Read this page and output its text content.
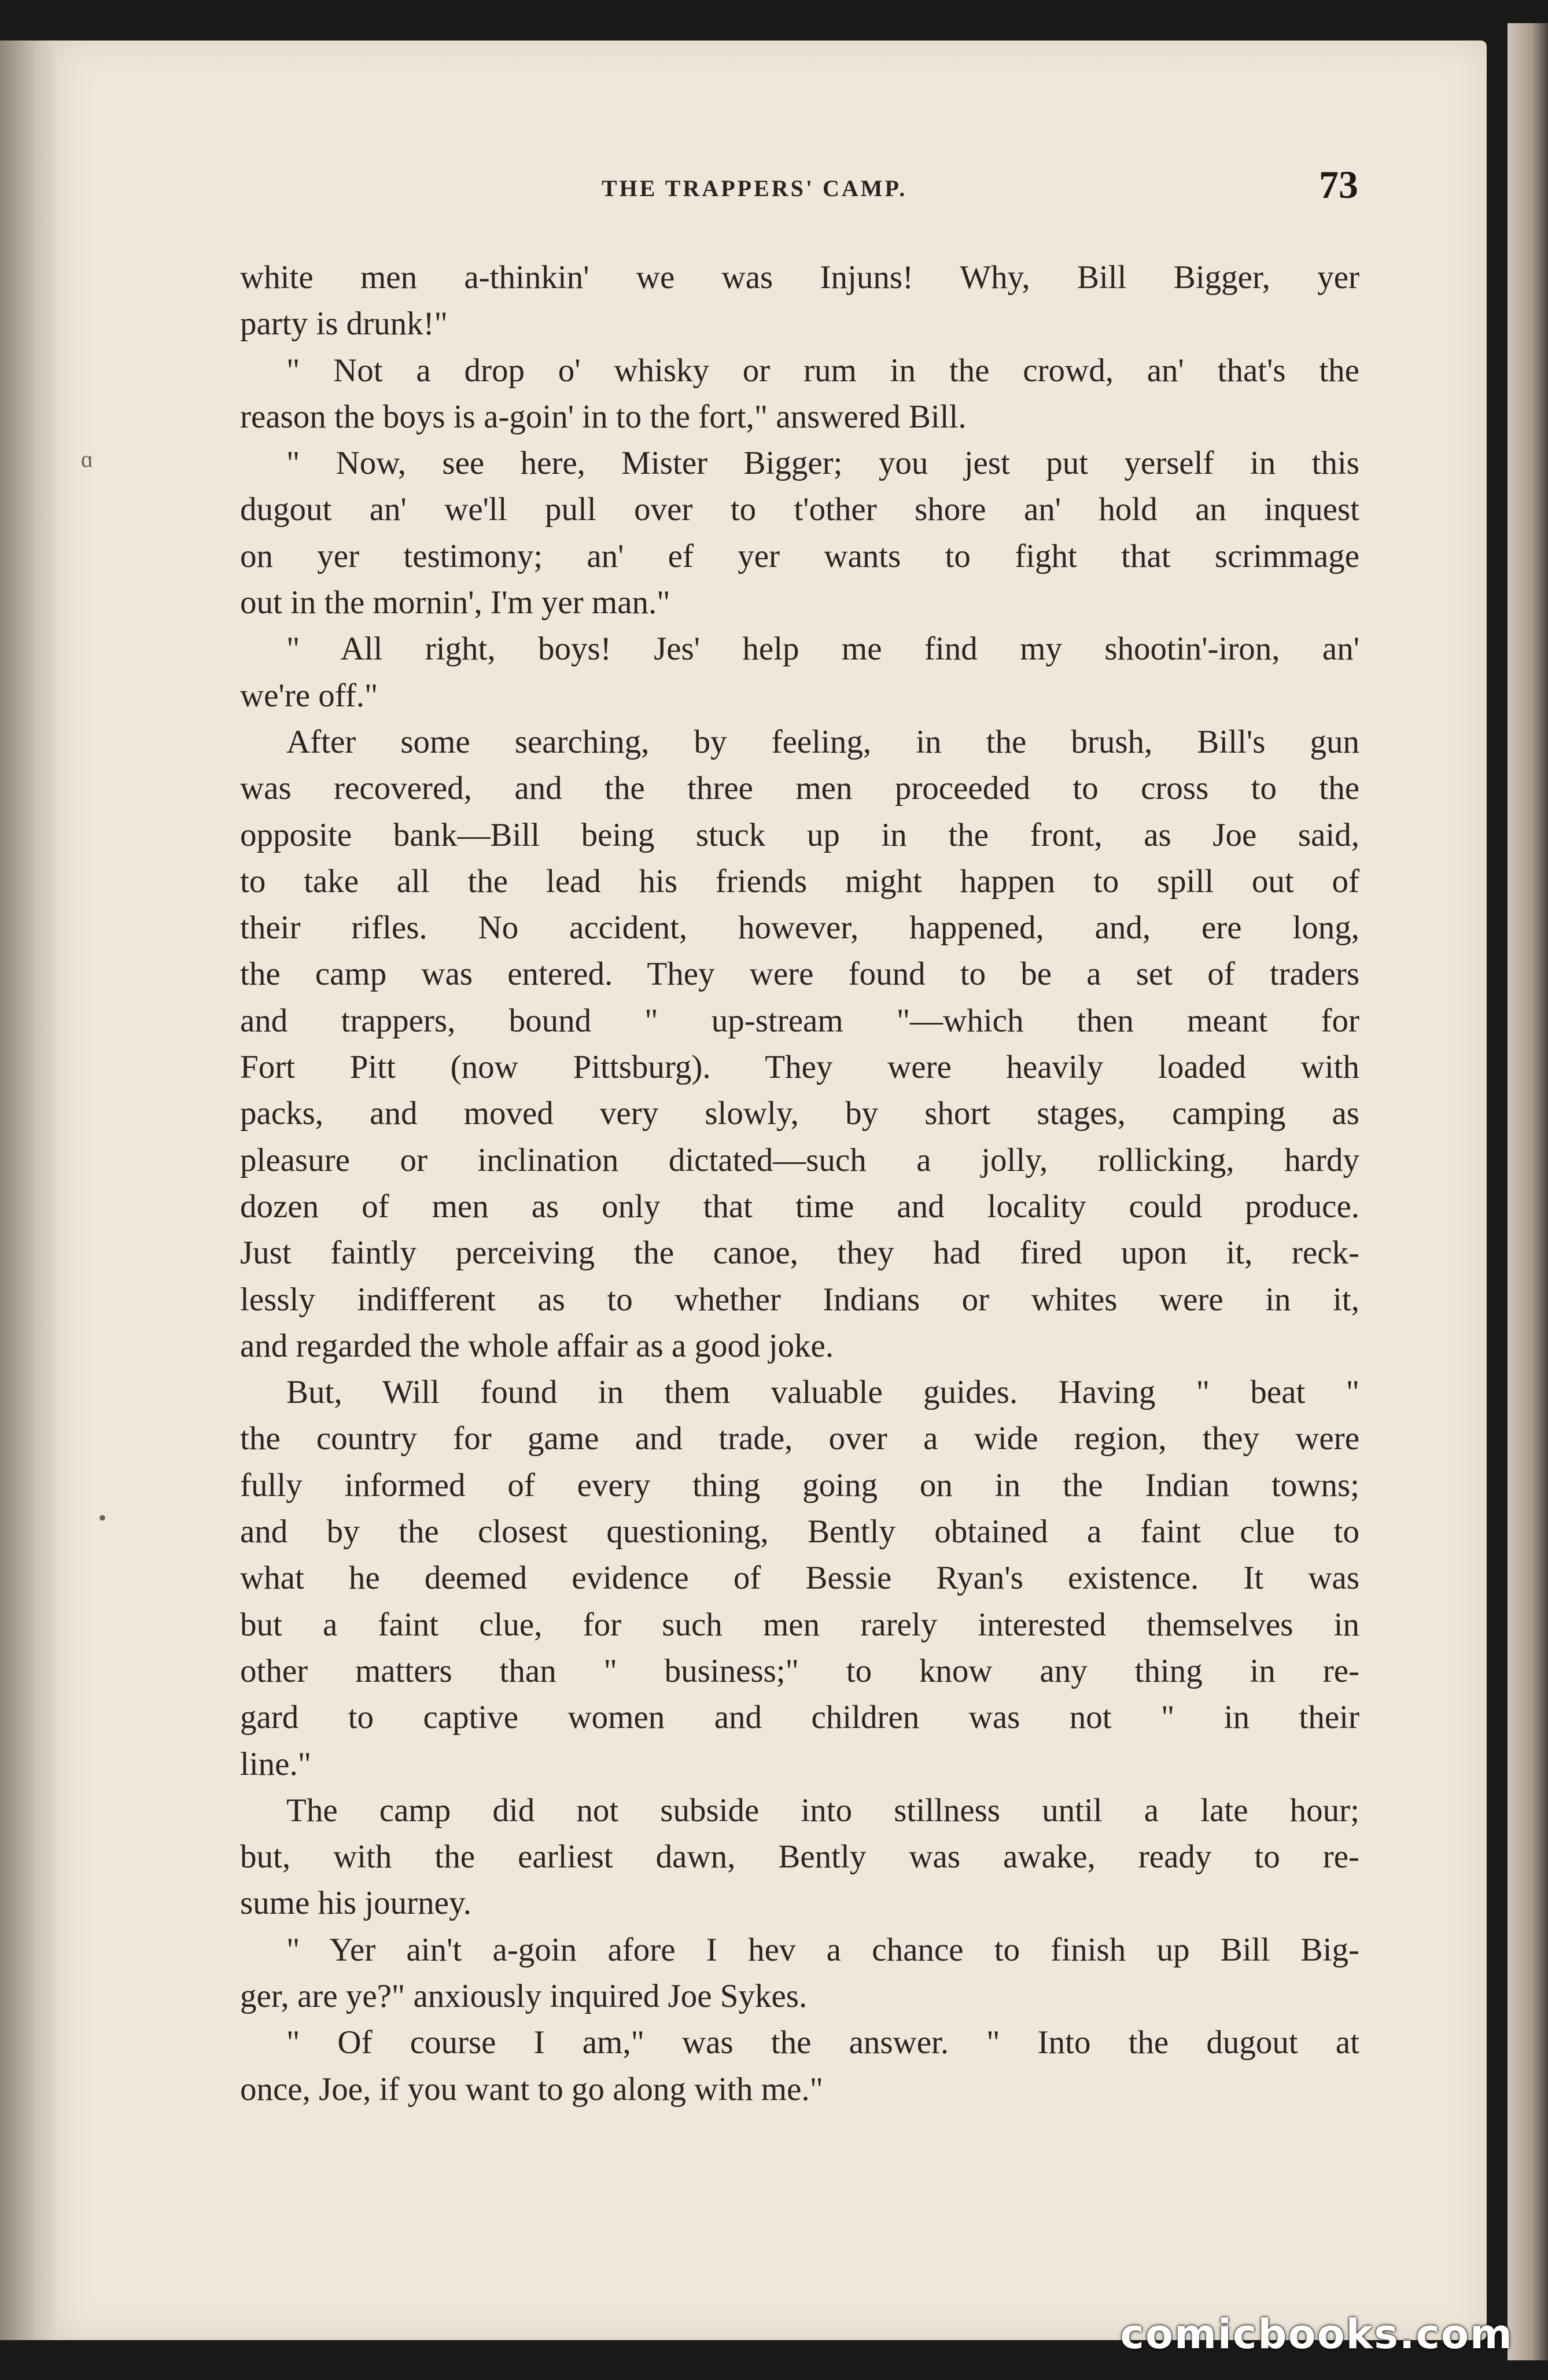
THE TRAPPERS' CAMP.	73
ɑ
•
white men a-thinkin' we was Injuns! Why, Bill Bigger, yer
party is drunk!"
" Not a drop o' whisky or rum in the crowd, an' that's the
reason the boys is a-goin' in to the fort," answered Bill.
" Now, see here, Mister Bigger; you jest put yerself in this
dugout an' we'll pull over to t'other shore an' hold an inquest
on yer testimony; an' ef yer wants to fight that scrimmage
out in the mornin', I'm yer man."
" All right, boys! Jes' help me find my shootin'-iron, an'
we're off."
After some searching, by feeling, in the brush, Bill's gun
was recovered, and the three men proceeded to cross to the
opposite bank—Bill being stuck up in the front, as Joe said,
to take all the lead his friends might happen to spill out of
their rifles. No accident, however, happened, and, ere long,
the camp was entered. They were found to be a set of traders
and trappers, bound " up-stream "—which then meant for
Fort Pitt (now Pittsburg). They were heavily loaded with
packs, and moved very slowly, by short stages, camping as
pleasure or inclination dictated—such a jolly, rollicking, hardy
dozen of men as only that time and locality could produce.
Just faintly perceiving the canoe, they had fired upon it, reck-
lessly indifferent as to whether Indians or whites were in it,
and regarded the whole affair as a good joke.
But, Will found in them valuable guides. Having " beat "
the country for game and trade, over a wide region, they were
fully informed of every thing going on in the Indian towns;
and by the closest questioning, Bently obtained a faint clue to
what he deemed evidence of Bessie Ryan's existence. It was
but a faint clue, for such men rarely interested themselves in
other matters than " business;" to know any thing in re-
gard to captive women and children was not " in their
line."
The camp did not subside into stillness until a late hour;
but, with the earliest dawn, Bently was awake, ready to re-
sume his journey.
" Yer ain't a-goin afore I hev a chance to finish up Bill Big-
ger, are ye?" anxiously inquired Joe Sykes.
" Of course I am," was the answer. " Into the dugout at
once, Joe, if you want to go along with me."
comicbooks.com
